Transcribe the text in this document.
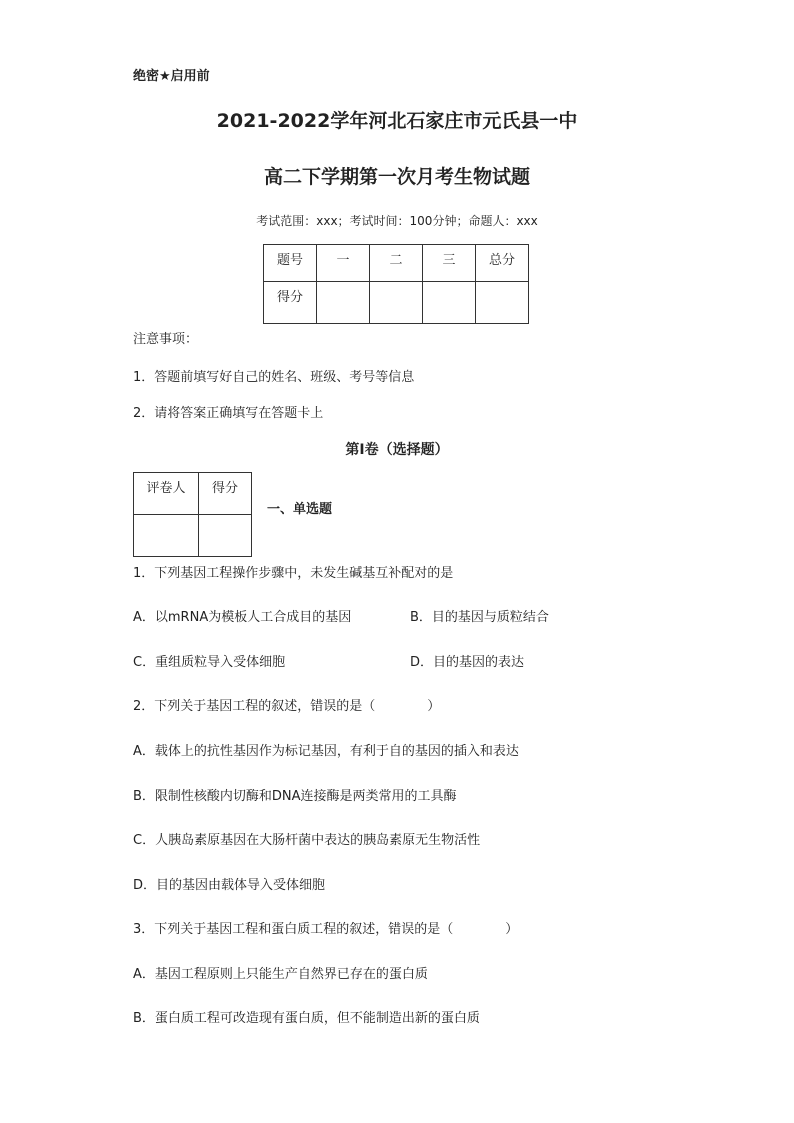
绝密★启用前
2021-2022学年河北石家庄市元氏县一中
高二下学期第一次月考生物试题
考试范围：xxx；考试时间：100分钟；命题人：xxx
题号	一	二	三	总分
得分				
注意事项：
1．答题前填写好自己的姓名、班级、考号等信息
2．请将答案正确填写在答题卡上
第I卷（选择题）
评卷人	得分

一、单选题
1．下列基因工程操作步骤中，未发生碱基互补配对的是
A．以mRNA为模板人工合成目的基因	B．目的基因与质粒结合
C．重组质粒导入受体细胞	D．目的基因的表达
2．下列关于基因工程的叙述，错误的是（　　　　）
A．载体上的抗性基因作为标记基因，有利于自的基因的插入和表达
B．限制性核酸内切酶和DNA连接酶是两类常用的工具酶
C．人胰岛素原基因在大肠杆菌中表达的胰岛素原无生物活性
D．目的基因由载体导入受体细胞
3．下列关于基因工程和蛋白质工程的叙述，错误的是（　　　　）
A．基因工程原则上只能生产自然界已存在的蛋白质
B．蛋白质工程可改造现有蛋白质，但不能制造出新的蛋白质
